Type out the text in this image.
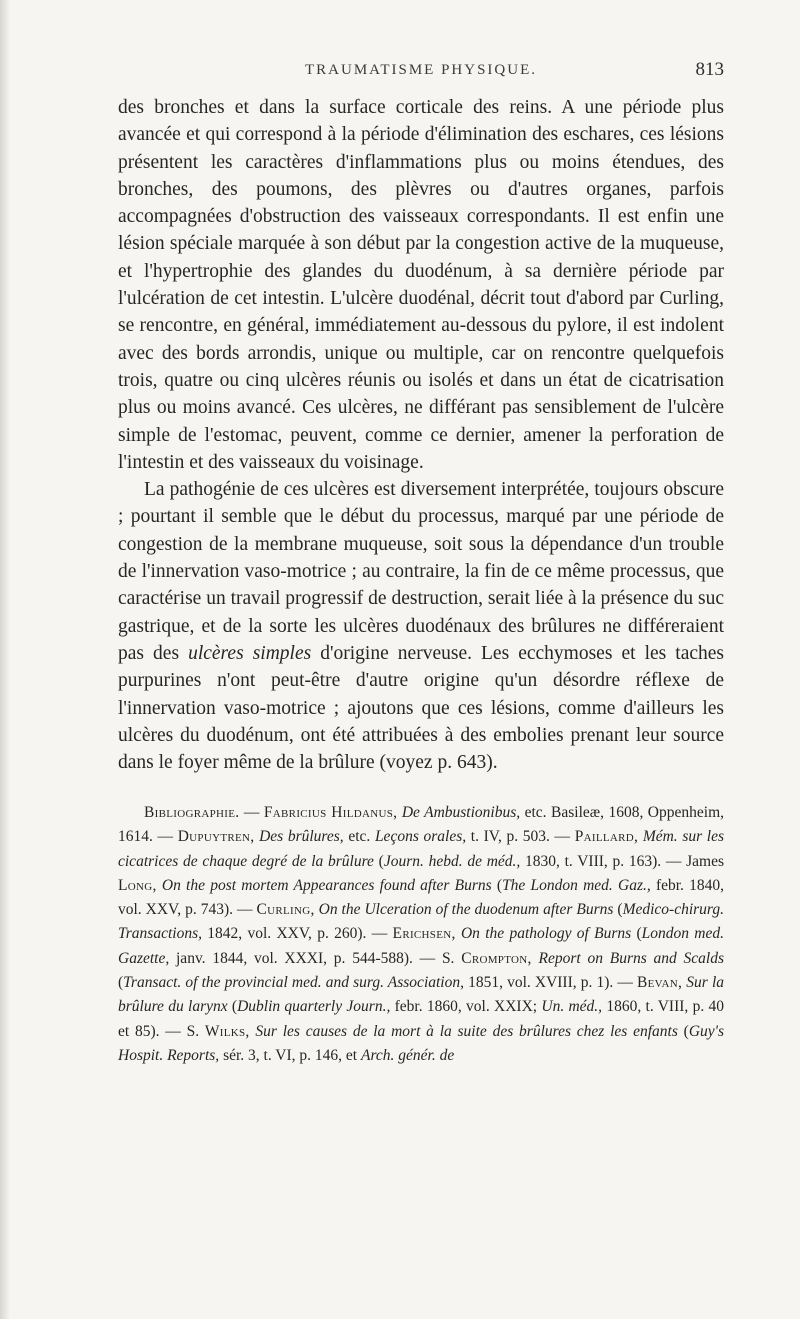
TRAUMATISME PHYSIQUE.	813

des bronches et dans la surface corticale des reins. A une période plus avancée et qui correspond à la période d'élimination des eschares, ces lésions présentent les caractères d'inflammations plus ou moins étendues, des bronches, des poumons, des plèvres ou d'autres organes, parfois accompagnées d'obstruction des vaisseaux correspondants. Il est enfin une lésion spéciale marquée à son début par la congestion active de la muqueuse, et l'hypertrophie des glandes du duodénum, à sa dernière période par l'ulcération de cet intestin. L'ulcère duodénal, décrit tout d'abord par Curling, se rencontre, en général, immédiatement au-dessous du pylore, il est indolent avec des bords arrondis, unique ou multiple, car on rencontre quelquefois trois, quatre ou cinq ulcères réunis ou isolés et dans un état de cicatrisation plus ou moins avancé. Ces ulcères, ne différant pas sensiblement de l'ulcère simple de l'estomac, peuvent, comme ce dernier, amener la perforation de l'intestin et des vaisseaux du voisinage.

La pathogénie de ces ulcères est diversement interprétée, toujours obscure ; pourtant il semble que le début du processus, marqué par une période de congestion de la membrane muqueuse, soit sous la dépendance d'un trouble de l'innervation vaso-motrice ; au contraire, la fin de ce même processus, que caractérise un travail progressif de destruction, serait liée à la présence du suc gastrique, et de la sorte les ulcères duodénaux des brûlures ne différeraient pas des ulcères simples d'origine nerveuse. Les ecchymoses et les taches purpurines n'ont peut-être d'autre origine qu'un désordre réflexe de l'innervation vaso-motrice ; ajoutons que ces lésions, comme d'ailleurs les ulcères du duodénum, ont été attribuées à des embolies prenant leur source dans le foyer même de la brûlure (voyez p. 643).

Bibliographie. — Fabricius Hildanus, De Ambustionibus, etc. Basileæ, 1608, Oppenheim, 1614. — Dupuytren, Des brûlures, etc. Leçons orales, t. IV, p. 503. — Paillard, Mém. sur les cicatrices de chaque degré de la brûlure (Journ. hebd. de méd., 1830, t. VIII, p. 163). — James Long, On the post mortem Appearances found after Burns (The London med. Gaz., febr. 1840, vol. XXV, p. 743). — Curling, On the Ulceration of the duodenum after Burns (Medico-chirurg. Transactions, 1842, vol. XXV, p. 260). — Erichsen, On the pathology of Burns (London med. Gazette, janv. 1844, vol. XXXI, p. 544-588). — S. Crompton, Report on Burns and Scalds (Transact. of the provincial med. and surg. Association, 1851, vol. XVIII, p. 1). — Bevan, Sur la brûlure du larynx (Dublin quarterly Journ., febr. 1860, vol. XXIX; Un. méd., 1860, t. VIII, p. 40 et 85). — S. Wilks, Sur les causes de la mort à la suite des brûlures chez les enfants (Guy's Hospit. Reports, sér. 3, t. VI, p. 146, et Arch. génér. de
